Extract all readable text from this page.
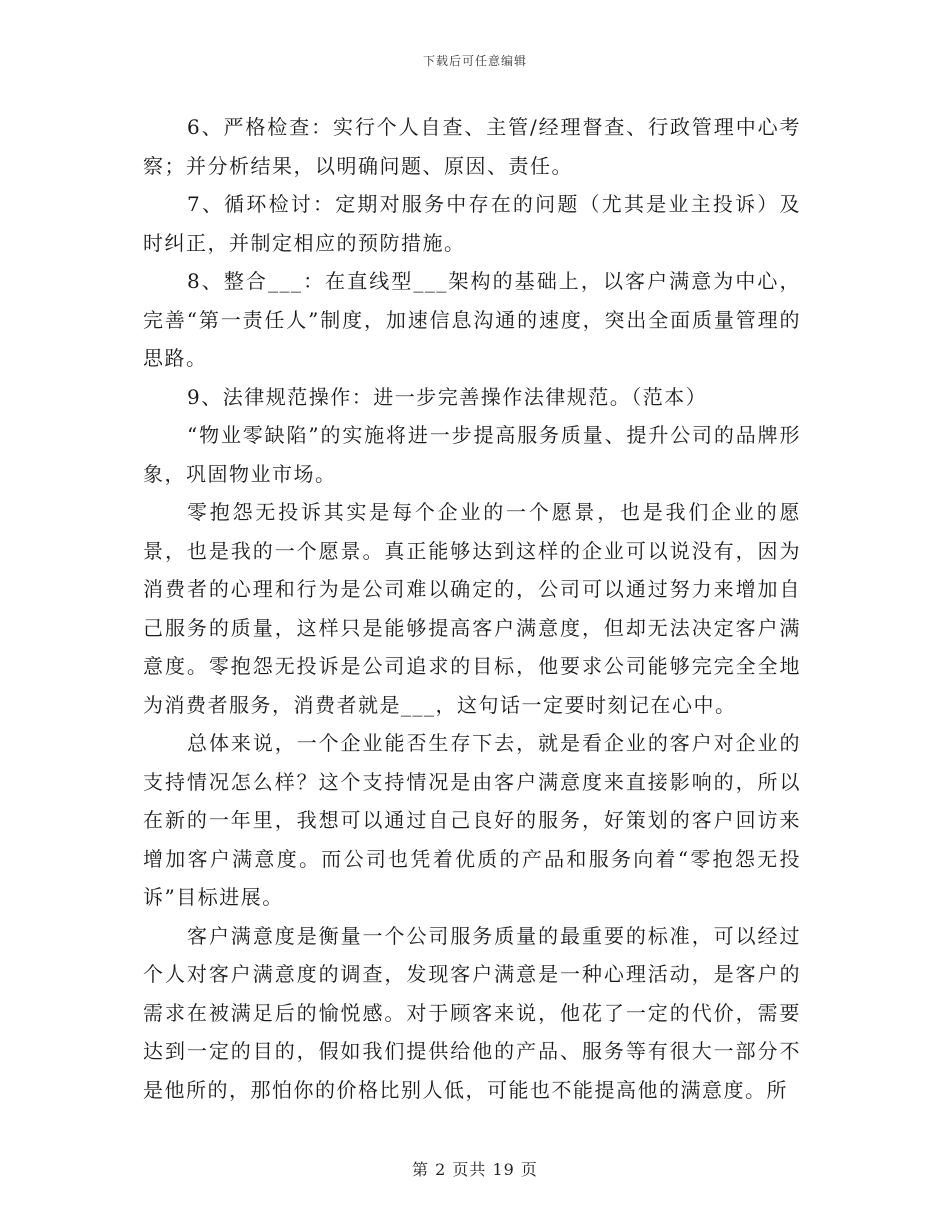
下载后可任意编辑

6、严格检查：实行个人自查、主管/经理督查、行政管理中心考察；并分析结果，以明确问题、原因、责任。

7、循环检讨：定期对服务中存在的问题（尤其是业主投诉）及时纠正，并制定相应的预防措施。

8、整合___：在直线型___架构的基础上，以客户满意为中心，完善“第一责任人”制度，加速信息沟通的速度，突出全面质量管理的思路。

9、法律规范操作：进一步完善操作法律规范。（范本）

“物业零缺陷”的实施将进一步提高服务质量、提升公司的品牌形象，巩固物业市场。

零抱怨无投诉其实是每个企业的一个愿景，也是我们企业的愿景，也是我的一个愿景。真正能够达到这样的企业可以说没有，因为消费者的心理和行为是公司难以确定的，公司可以通过努力来增加自己服务的质量，这样只是能够提高客户满意度，但却无法决定客户满意度。零抱怨无投诉是公司追求的目标，他要求公司能够完完全全地为消费者服务，消费者就是___，这句话一定要时刻记在心中。

总体来说，一个企业能否生存下去，就是看企业的客户对企业的支持情况怎么样？这个支持情况是由客户满意度来直接影响的，所以在新的一年里，我想可以通过自己良好的服务，好策划的客户回访来增加客户满意度。而公司也凭着优质的产品和服务向着“零抱怨无投诉”目标进展。

客户满意度是衡量一个公司服务质量的最重要的标准，可以经过个人对客户满意度的调查，发现客户满意是一种心理活动，是客户的需求在被满足后的愉悦感。对于顾客来说，他花了一定的代价，需要达到一定的目的，假如我们提供给他的产品、服务等有很大一部分不是他所的，那怕你的价格比别人低，可能也不能提高他的满意度。所

第 2 页共 19 页
